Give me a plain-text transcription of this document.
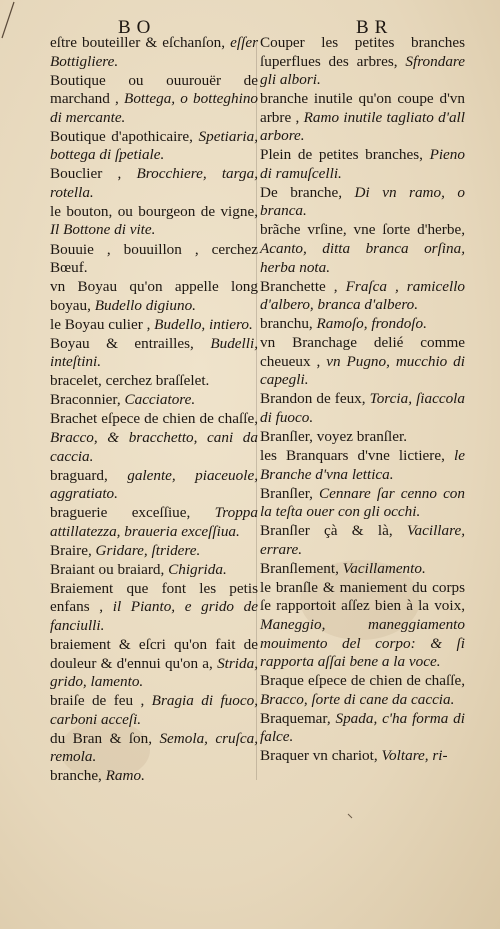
BO	BR
eſtre bouteiller & eſchanſon, eſſer Bottigliere.
Boutique ou ouurouër de marchand , Bottega, o botteghino di mercante.
Boutique d'apothicaire, Spetiaria, bottega di ſpetiale.
Bouclier , Brocchiere, targa, rotella.
le bouton, ou bourgeon de vigne, Il Bottone di vite.
Bouuie , bouuillon , cerchez Bœuf.
vn Boyau qu'on appelle long boyau, Budello digiuno.
le Boyau culier , Budello, intiero.
Boyau & entrailles, Budelli, inteſtini.
bracelet, cerchez braſſelet.
Braconnier, Cacciatore.
Brachet eſpece de chien de chaſſe, Bracco, & bracchetto, cani da caccia.
braguard, galente, piaceuole, aggratiato.
braguerie exceſſiue, Troppa attillatezza, braueria exceſſiua.
Braire, Gridare, ſtridere.
Braiant ou braiard, Chigrida.
Braiement que font les petis enfans , il Pianto, e grido de fanciulli.
braiement & eſcri qu'on fait de douleur & d'ennui qu'on a, Strida, grido, lamento.
braiſe de feu , Bragia di fuoco, carboni acceſi.
du Bran & ſon, Semola, cruſca, remola.
branche, Ramo.
Couper les petites branches ſuperflues des arbres, Sfrondare gli albori.
branche inutile qu'on coupe d'vn arbre , Ramo inutile tagliato d'all arbore.
Plein de petites branches, Pieno di ramuſcelli.
De branche, Di vn ramo, o branca.
brãche vrſine, vne ſorte d'herbe, Acanto, ditta branca orſina, herba nota.
Branchette , Fraſca , ramicello d'albero, branca d'albero.
branchu, Ramoſo, frondoſo.
vn Branchage delié comme cheueux , vn Pugno, mucchio di capegli.
Brandon de feux, Torcia, ſiaccola di fuoco.
Branſler, voyez branſler.
les Branquars d'vne lictiere, le Branche d'vna lettica.
Branſler, Cennare ſar cenno con la teſta ouer con gli occhi.
Branſler çà & là, Vacillare, errare.
Branſlement, Vacillamento.
le branſle & maniement du corps ſe rapportoit aſſez bien à la voix, Maneggio, maneggiamento mouimento del corpo: & ſi rapporta aſſai bene a la voce.
Braque eſpece de chien de chaſſe, Bracco, ſorte di cane da caccia.
Braquemar, Spada, c'ha forma di falce.
Braquer vn chariot, Voltare, ri-
